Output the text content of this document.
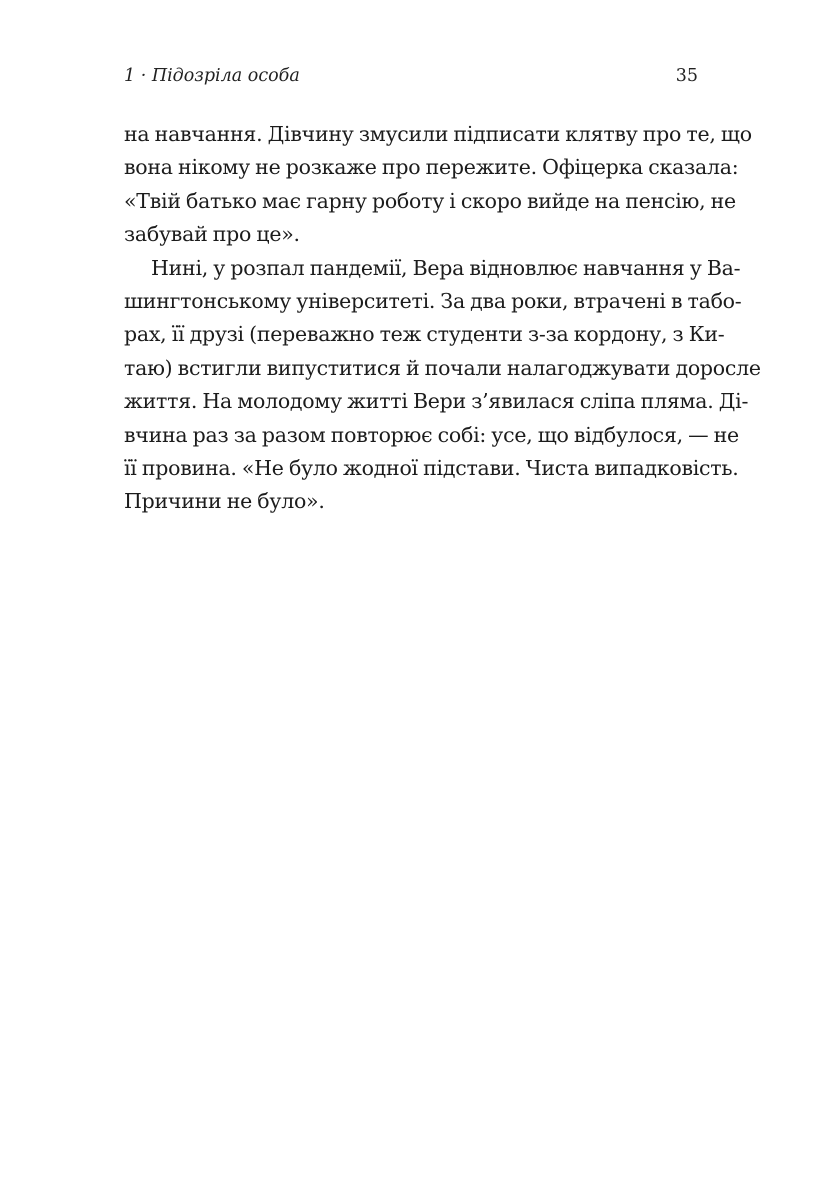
1 · Підозріла особа	35
на навчання. Дівчину змусили підписати клятву про те, що
вона нікому не розкаже про пережите. Офіцерка сказала:
«Твій батько має гарну роботу і скоро вийде на пенсію, не
забувай про це».
Нині, у розпал пандемії, Вера відновлює навчання у Ва-
шингтонському університеті. За два роки, втрачені в табо-
рах, її друзі (переважно теж студенти з-за кордону, з Ки-
таю) встигли випуститися й почали налагоджувати доросле
життя. На молодому житті Вери з’явилася сліпа пляма. Ді-
вчина раз за разом повторює собі: усе, що відбулося, — не
її провина. «Не було жодної підстави. Чиста випадковість.
Причини не було».
